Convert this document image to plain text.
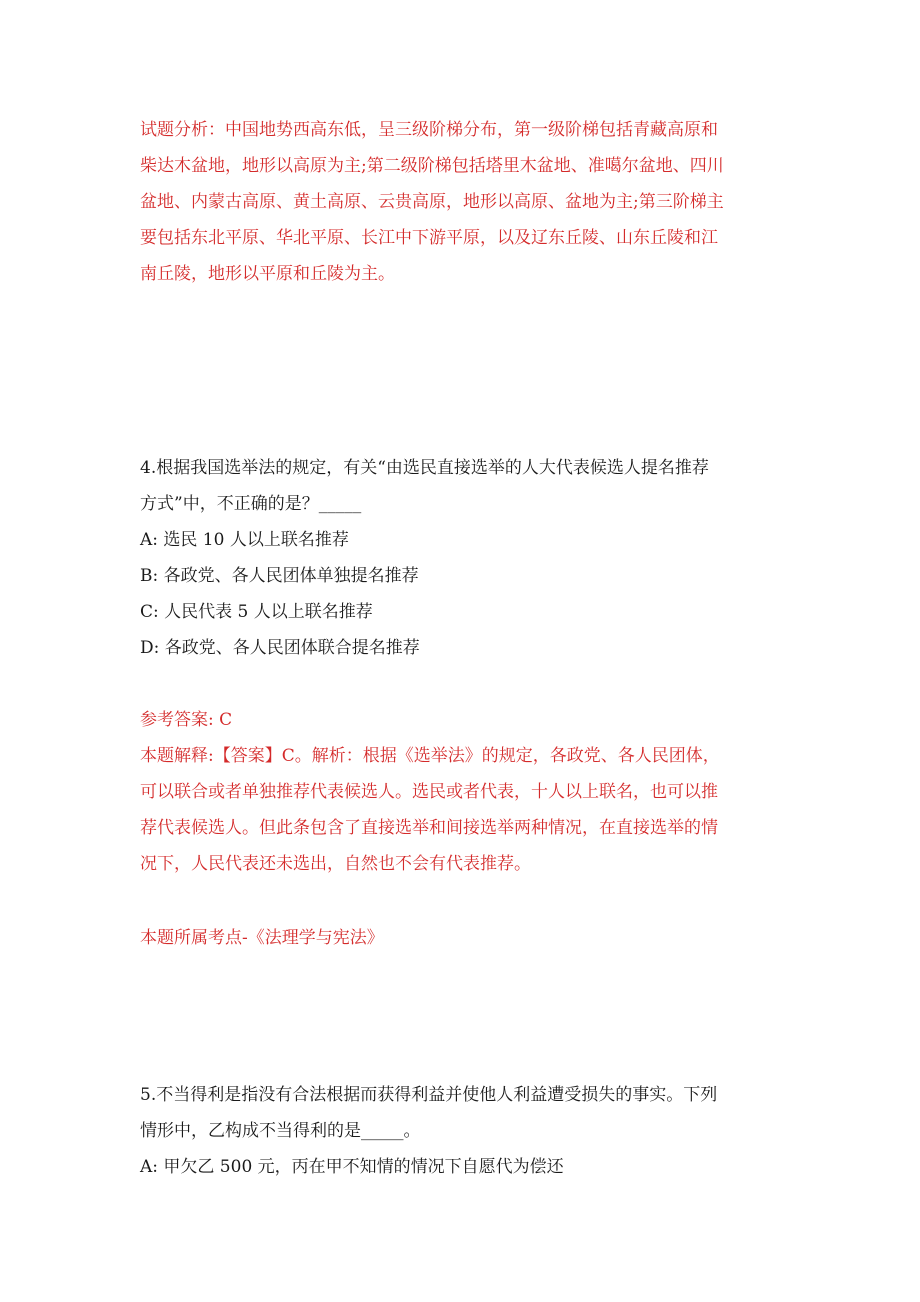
试题分析：中国地势西高东低，呈三级阶梯分布，第一级阶梯包括青藏高原和
柴达木盆地，地形以高原为主;第二级阶梯包括塔里木盆地、准噶尔盆地、四川
盆地、内蒙古高原、黄土高原、云贵高原，地形以高原、盆地为主;第三阶梯主
要包括东北平原、华北平原、长江中下游平原，以及辽东丘陵、山东丘陵和江
南丘陵，地形以平原和丘陵为主。
4.根据我国选举法的规定，有关“由选民直接选举的人大代表候选人提名推荐
方式”中，不正确的是？_____
A: 选民 10 人以上联名推荐
B: 各政党、各人民团体单独提名推荐
C: 人民代表 5 人以上联名推荐
D: 各政党、各人民团体联合提名推荐
参考答案: C
本题解释:【答案】C。解析：根据《选举法》的规定，各政党、各人民团体，
可以联合或者单独推荐代表候选人。选民或者代表，十人以上联名，也可以推
荐代表候选人。但此条包含了直接选举和间接选举两种情况，在直接选举的情
况下，人民代表还未选出，自然也不会有代表推荐。
本题所属考点-《法理学与宪法》
5.不当得利是指没有合法根据而获得利益并使他人利益遭受损失的事实。下列
情形中，乙构成不当得利的是_____。
A: 甲欠乙 500 元，丙在甲不知情的情况下自愿代为偿还
